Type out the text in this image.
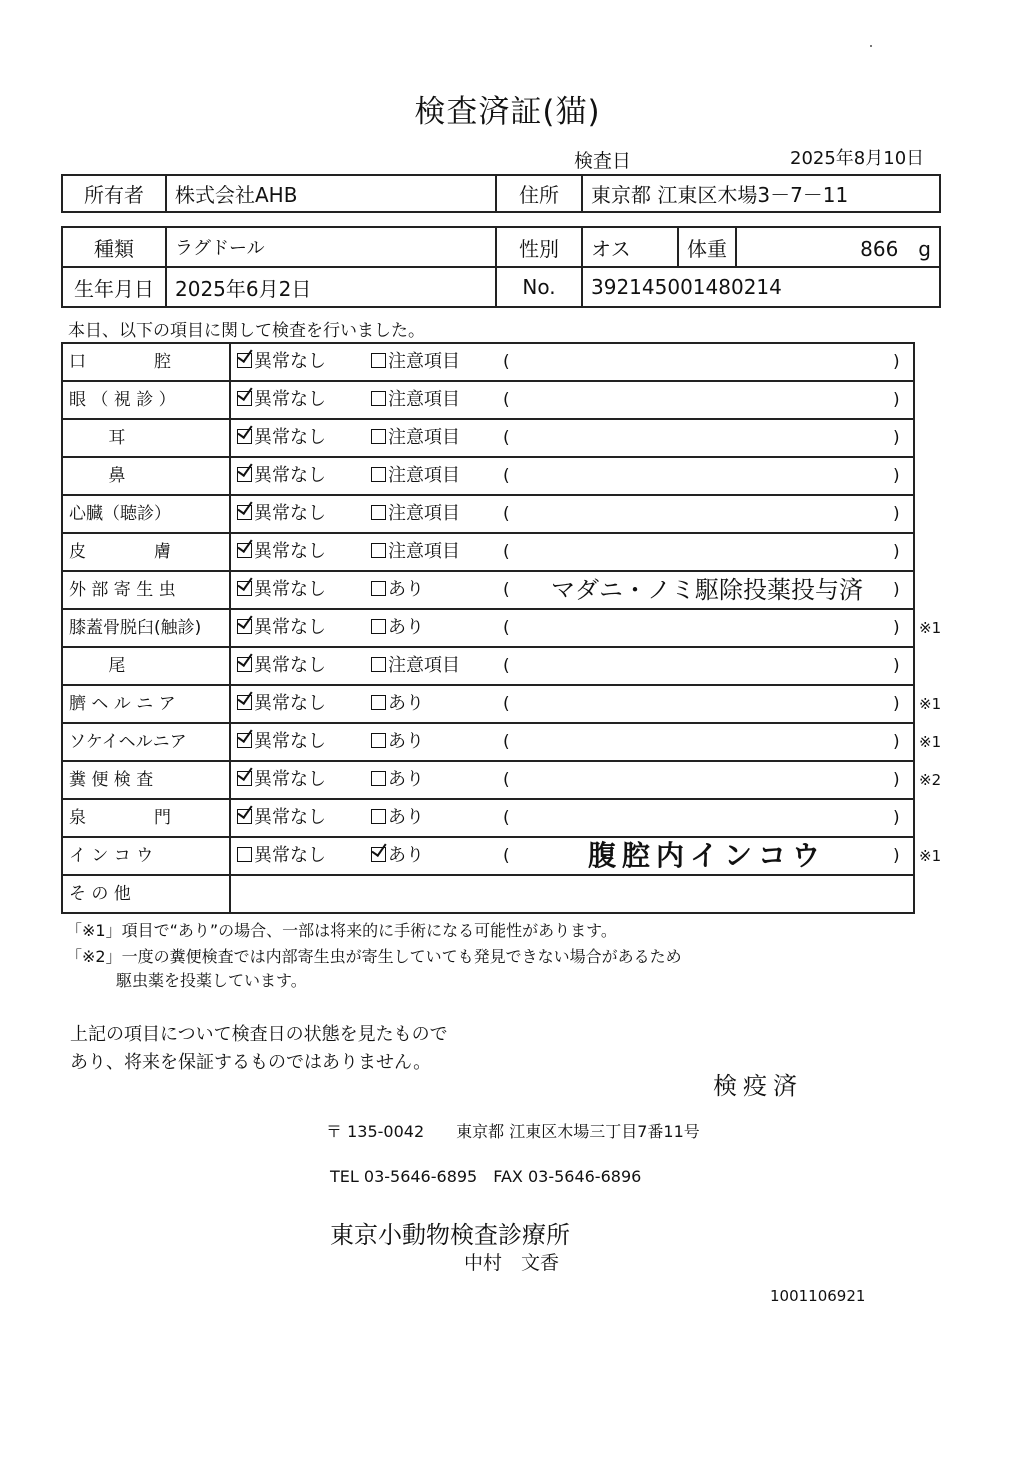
検査済証(猫)
検査日	2025年8月10日
所有者	株式会社AHB	住所	東京都 江東区木場3－7－11
種類	ラグドール	性別	オス	体重	866　g
生年月日	2025年6月2日	No.	392145001480214		
本日、以下の項目に関して検査を行いました。
口　　　　腔	異常なし	注意項目	(	)
眼 （ 視 診 ）	異常なし	注意項目	(	)
　　 耳	異常なし	注意項目	(	)
　　 鼻	異常なし	注意項目	(	)
心臓（聴診）	異常なし	注意項目	(	)
皮　　　　膚	異常なし	注意項目	(	)
外 部 寄 生 虫	異常なし	あり	(	マダニ・ノミ駆除投薬投与済	)
膝蓋骨脱臼(触診)	異常なし	あり	(	) ※1
　　 尾	異常なし	注意項目	(	)
臍 ヘ ル ニ ア	異常なし	あり	(	) ※1
ソケイヘルニア	異常なし	あり	(	) ※1
糞 便 検 査	異常なし	あり	(	) ※2
泉　　　　門	異常なし	あり	(	)
イ ン コ ウ	異常なし	あり	(	腹腔内インコウ	) ※1
そ の 他
「※1」項目で“あり”の場合、一部は将来的に手術になる可能性があります。
「※2」一度の糞便検査では内部寄生虫が寄生していても発見できない場合があるため
駆虫薬を投薬しています。
上記の項目について検査日の状態を見たものであり、将来を保証するものではありません。
検疫済
〒 135-0042　　東京都 江東区木場三丁目7番11号
TEL 03-5646-6895　FAX 03-5646-6896
東京小動物検査診療所
中村　文香
1001106921
